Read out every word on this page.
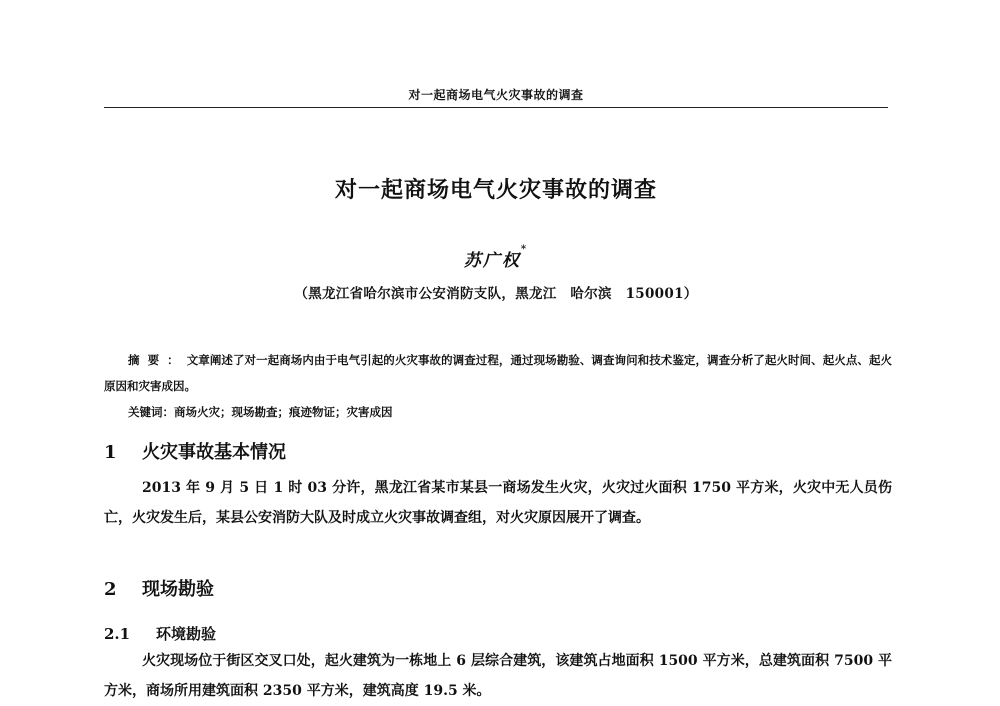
对一起商场电气火灾事故的调查
对一起商场电气火灾事故的调查
苏广权*
（黑龙江省哈尔滨市公安消防支队，黑龙江　哈尔滨　150001）
摘要：文章阐述了对一起商场内由于电气引起的火灾事故的调查过程，通过现场勘验、调查询问和技术鉴定，调查分析了起火时间、起火点、起火原因和灾害成因。
关键词：商场火灾；现场勘查；痕迹物证；灾害成因
1 火灾事故基本情况
2013 年 9 月 5 日 1 时 03 分许，黑龙江省某市某县一商场发生火灾，火灾过火面积 1750 平方米，火灾中无人员伤亡，火灾发生后，某县公安消防大队及时成立火灾事故调查组，对火灾原因展开了调查。
2 现场勘验
2.1 环境勘验
火灾现场位于街区交叉口处，起火建筑为一栋地上 6 层综合建筑，该建筑占地面积 1500 平方米，总建筑面积 7500 平方米，商场所用建筑面积 2350 平方米，建筑高度 19.5 米。
